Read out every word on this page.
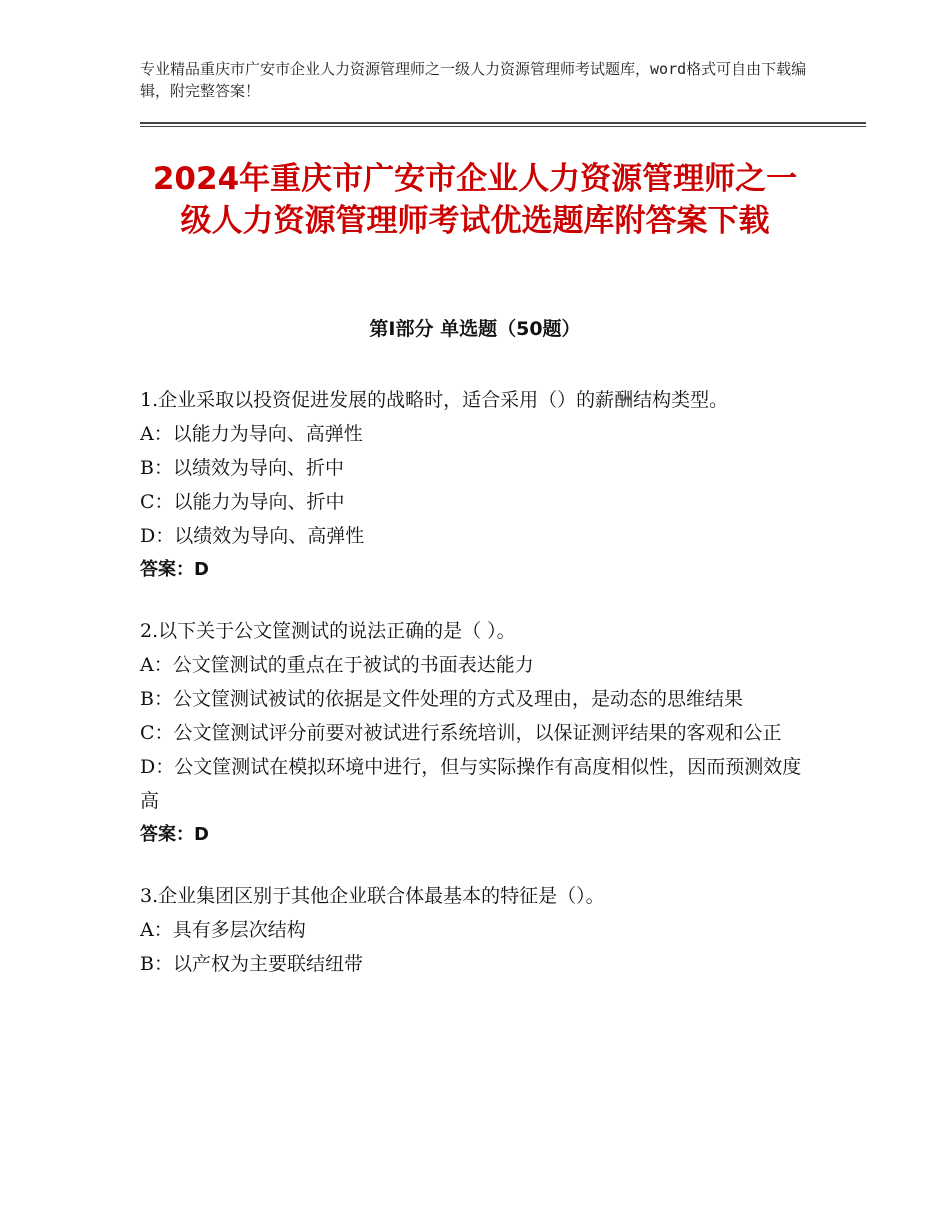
专业精品重庆市广安市企业人力资源管理师之一级人力资源管理师考试题库，word格式可自由下载编辑，附完整答案！
2024年重庆市广安市企业人力资源管理师之一级人力资源管理师考试优选题库附答案下载
第Ⅰ部分 单选题（50题）

1.企业采取以投资促进发展的战略时，适合采用（）的薪酬结构类型。

A：以能力为导向、高弹性

B：以绩效为导向、折中

C：以能力为导向、折中

D：以绩效为导向、高弹性

答案：D

2.以下关于公文筐测试的说法正确的是（ ）。

A：公文筐测试的重点在于被试的书面表达能力

B：公文筐测试被试的依据是文件处理的方式及理由，是动态的思维结果

C：公文筐测试评分前要对被试进行系统培训，以保证测评结果的客观和公正

D：公文筐测试在模拟环境中进行，但与实际操作有高度相似性，因而预测效度高

答案：D

3.企业集团区别于其他企业联合体最基本的特征是（）。

A：具有多层次结构

B：以产权为主要联结纽带
